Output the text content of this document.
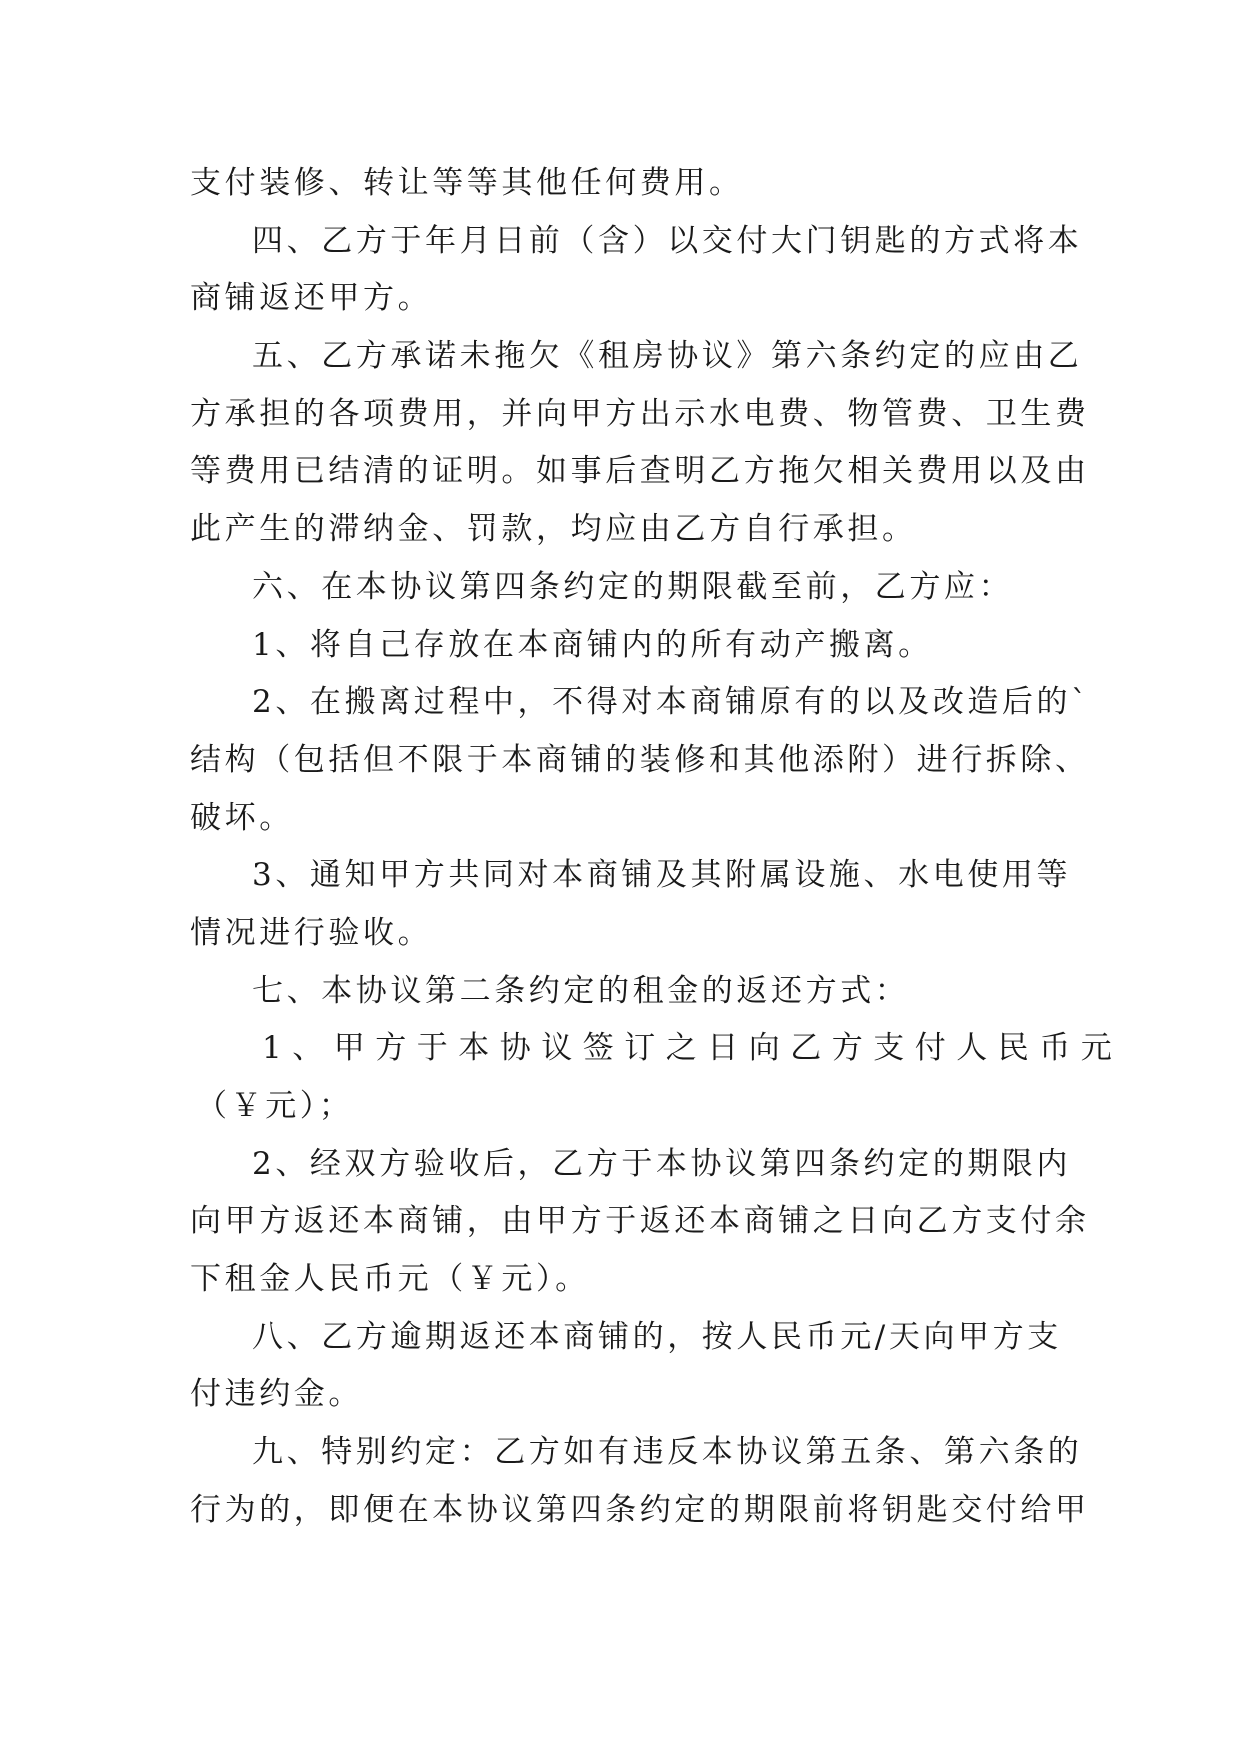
支付装修、转让等等其他任何费用。
四、乙方于年月日前（含）以交付大门钥匙的方式将本
商铺返还甲方。
五、乙方承诺未拖欠《租房协议》第六条约定的应由乙
方承担的各项费用，并向甲方出示水电费、物管费、卫生费
等费用已结清的证明。如事后查明乙方拖欠相关费用以及由
此产生的滞纳金、罚款，均应由乙方自行承担。
六、在本协议第四条约定的期限截至前，乙方应：
1、将自己存放在本商铺内的所有动产搬离。
2、在搬离过程中，不得对本商铺原有的以及改造后的`
结构（包括但不限于本商铺的装修和其他添附）进行拆除、
破坏。
3、通知甲方共同对本商铺及其附属设施、水电使用等
情况进行验收。
七、本协议第二条约定的租金的返还方式：
1、甲方于本协议签订之日向乙方支付人民币元
（￥元）；
2、经双方验收后，乙方于本协议第四条约定的期限内
向甲方返还本商铺，由甲方于返还本商铺之日向乙方支付余
下租金人民币元（￥元）。
八、乙方逾期返还本商铺的，按人民币元/天向甲方支
付违约金。
九、特别约定：乙方如有违反本协议第五条、第六条的
行为的，即便在本协议第四条约定的期限前将钥匙交付给甲
